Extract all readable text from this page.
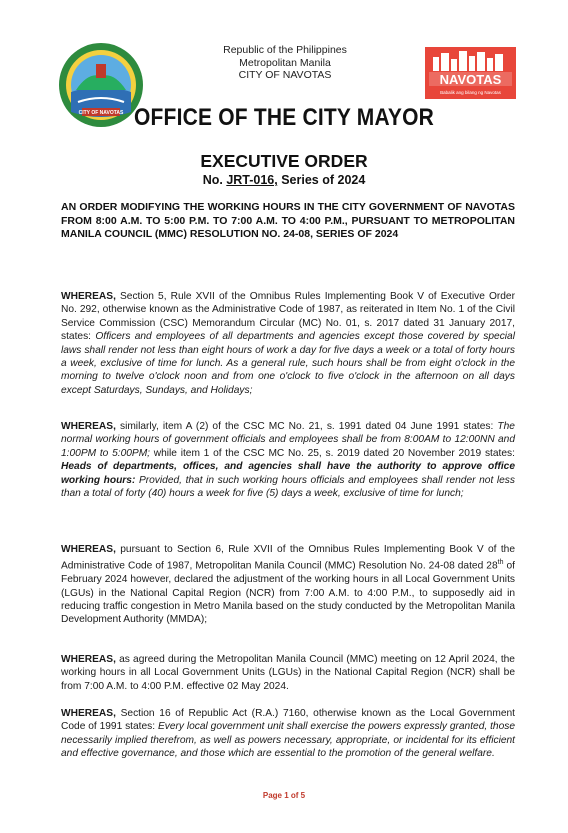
CITY OF NAVOTAS
Republic of the Philippines
Metropolitan Manila
CITY OF NAVOTAS	NAVOTAS
Babalik ang bilang ng Navotas
OFFICE OF THE CITY MAYOR
EXECUTIVE ORDER
No. JRT-016, Series of 2024
AN ORDER MODIFYING THE WORKING HOURS IN THE CITY GOVERNMENT OF NAVOTAS FROM 8:00 A.M. TO 5:00 P.M. TO 7:00 A.M. TO 4:00 P.M., PURSUANT TO METROPOLITAN MANILA COUNCIL (MMC) RESOLUTION NO. 24-08, SERIES OF 2024
WHEREAS, Section 5, Rule XVII of the Omnibus Rules Implementing Book V of Executive Order No. 292, otherwise known as the Administrative Code of 1987, as reiterated in Item No. 1 of the Civil Service Commission (CSC) Memorandum Circular (MC) No. 01, s. 2017 dated 31 January 2017, states: Officers and employees of all departments and agencies except those covered by special laws shall render not less than eight hours of work a day for five days a week or a total of forty hours a week, exclusive of time for lunch. As a general rule, such hours shall be from eight o'clock in the morning to twelve o'clock noon and from one o'clock to five o'clock in the afternoon on all days except Saturdays, Sundays, and Holidays;
WHEREAS, similarly, item A (2) of the CSC MC No. 21, s. 1991 dated 04 June 1991 states: The normal working hours of government officials and employees shall be from 8:00AM to 12:00NN and 1:00PM to 5:00PM; while item 1 of the CSC MC No. 25, s. 2019 dated 20 November 2019 states: Heads of departments, offices, and agencies shall have the authority to approve office working hours: Provided, that in such working hours officials and employees shall render not less than a total of forty (40) hours a week for five (5) days a week, exclusive of time for lunch;
WHEREAS, pursuant to Section 6, Rule XVII of the Omnibus Rules Implementing Book V of the Administrative Code of 1987, Metropolitan Manila Council (MMC) Resolution No. 24-08 dated 28th of February 2024 however, declared the adjustment of the working hours in all Local Government Units (LGUs) in the National Capital Region (NCR) from 7:00 A.M. to 4:00 P.M., to supposedly aid in reducing traffic congestion in Metro Manila based on the study conducted by the Metropolitan Manila Development Authority (MMDA);
WHEREAS, as agreed during the Metropolitan Manila Council (MMC) meeting on 12 April 2024, the working hours in all Local Government Units (LGUs) in the National Capital Region (NCR) shall be from 7:00 A.M. to 4:00 P.M. effective 02 May 2024.
WHEREAS, Section 16 of Republic Act (R.A.) 7160, otherwise known as the Local Government Code of 1991 states: Every local government unit shall exercise the powers expressly granted, those necessarily implied therefrom, as well as powers necessary, appropriate, or incidental for its efficient and effective governance, and those which are essential to the promotion of the general welfare.
Page 1 of 5
